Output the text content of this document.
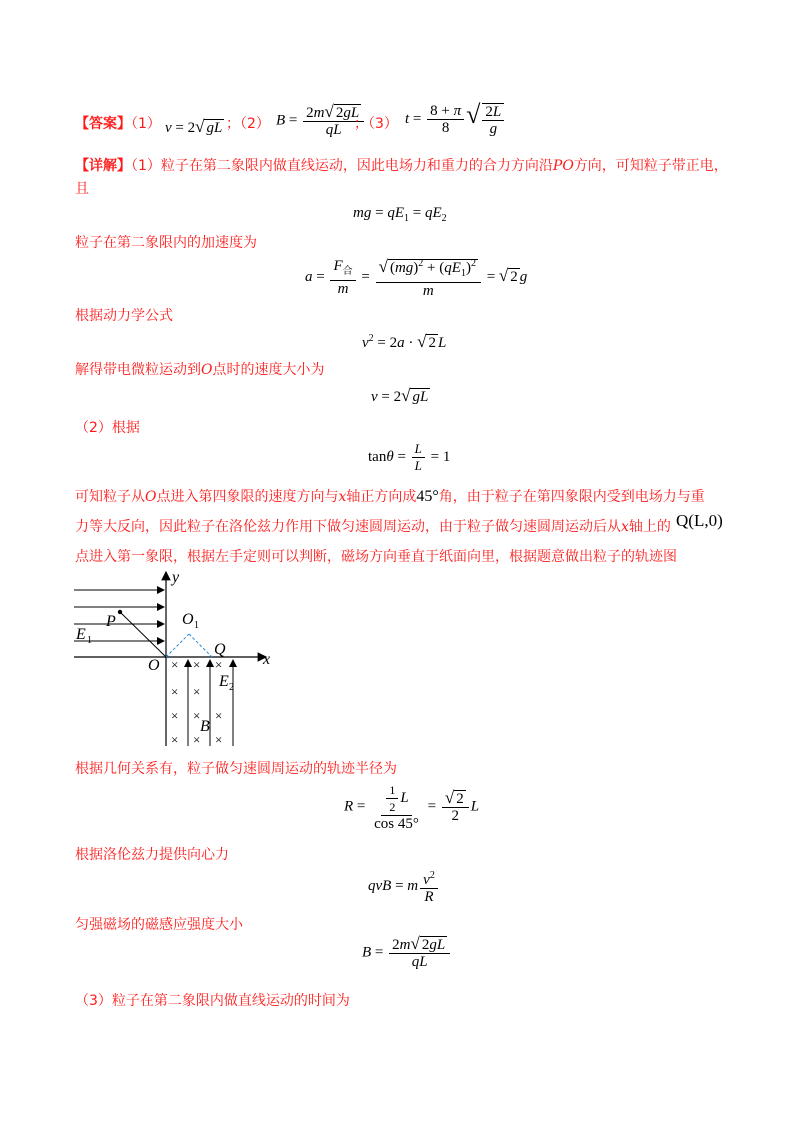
【答案】（1） v = 2√ gL ；（2） $B = \frac{2m√ 2gL}{qL}$
；（3） $t = \frac{8 + \pi}{8}$ √ $\frac{2L}{g}$
【详解】（1）粒子在第二象限内做直线运动，因此电场力和重力的合力方向沿PO方向，可知粒子带正电，
且
mg = $qE_1 = qE_2$
粒子在第二象限内的加速度为
$a = \frac{F_合}{m} = \frac{√ (mg)^2 + (qE_1)^2}{m}$ = √ 2 g
根据动力学公式
$v^2 = 2a$ · √ 2 L
解得带电微粒运动到O点时的速度大小为
v = 2√ gL
（2）根据
$\tan\theta = \frac{L}{L} = 1$
可知粒子从O点进入第四象限的速度方向与x轴正方向成45°角，由于粒子在第四象限内受到电场力与重
力等大反向，因此粒子在洛伦兹力作用下做匀速圆周运动，由于粒子做匀速圆周运动后从x轴上的 Q(L,0)
点进入第一象限，根据左手定则可以判断，磁场方向垂直于纸面向里，根据题意做出粒子的轨迹图
× × ×
× ×
× × ×
× × ×
y
x
P	O 1
Q
E 1
O
E 2
B
根据几何关系有，粒子做匀速圆周运动的轨迹半径为
$R = \frac{\frac{1}{2} L}{\cos 45^\circ} = \frac{√ 2}{2}$ L
根据洛伦兹力提供向心力
qvB = m $\frac{v^2}{R}$
匀强磁场的磁感应强度大小
$B = \frac{2m√ 2gL}{qL}$
（3）粒子在第二象限内做直线运动的时间为
